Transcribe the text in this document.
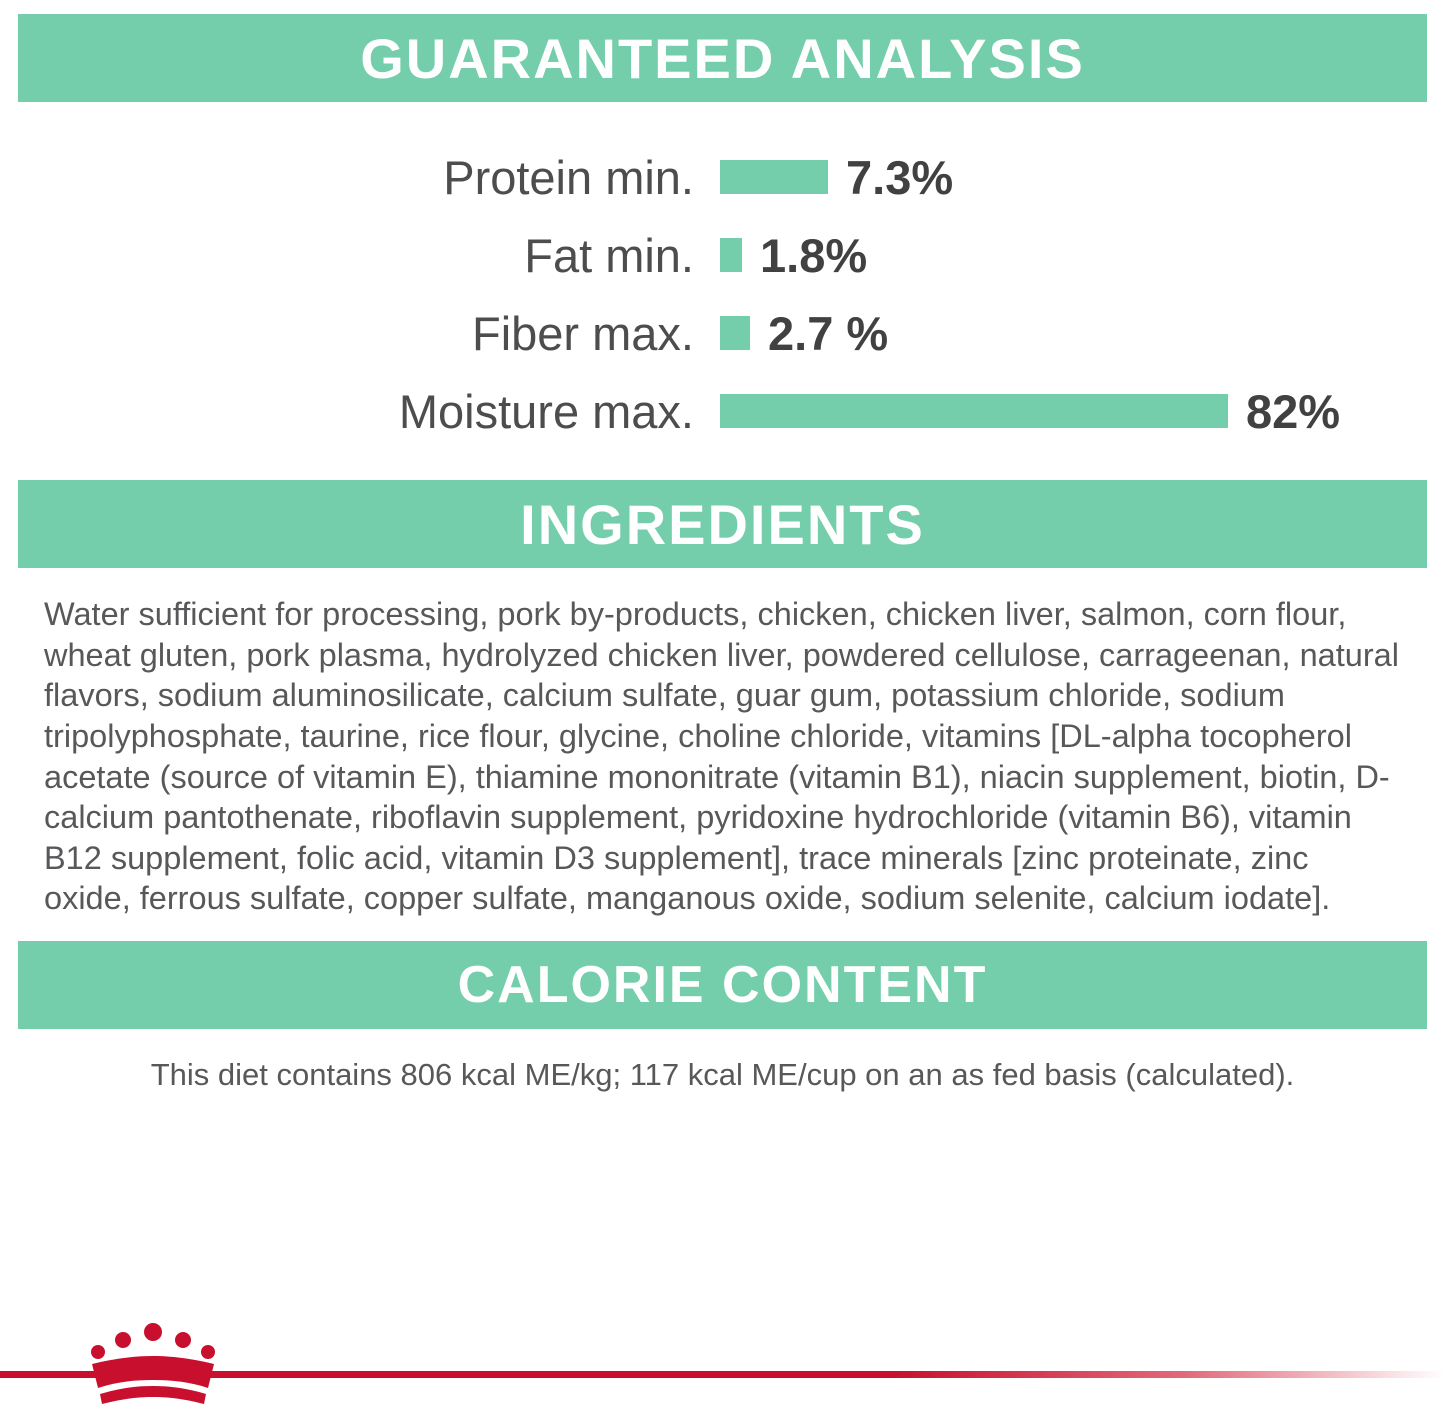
GUARANTEED ANALYSIS
Protein min.	7.3%
Fat min.	1.8%
Fiber max.	2.7 %
Moisture max.	82%
INGREDIENTS
Water sufficient for processing, pork by-products, chicken, chicken liver, salmon, corn flour, wheat gluten, pork plasma, hydrolyzed chicken liver, powdered cellulose, carrageenan, natural flavors, sodium aluminosilicate, calcium sulfate, guar gum, potassium chloride, sodium tripolyphosphate, taurine, rice flour, glycine, choline chloride, vitamins [DL-alpha tocopherol acetate (source of vitamin E), thiamine mononitrate (vitamin B1), niacin supplement, biotin, D-calcium pantothenate, riboflavin supplement, pyridoxine hydrochloride (vitamin B6), vitamin B12 supplement, folic acid, vitamin D3 supplement], trace minerals [zinc proteinate, zinc oxide, ferrous sulfate, copper sulfate, manganous oxide, sodium selenite, calcium iodate].
CALORIE CONTENT
This diet contains 806 kcal ME/kg; 117 kcal ME/cup on an as fed basis (calculated).
